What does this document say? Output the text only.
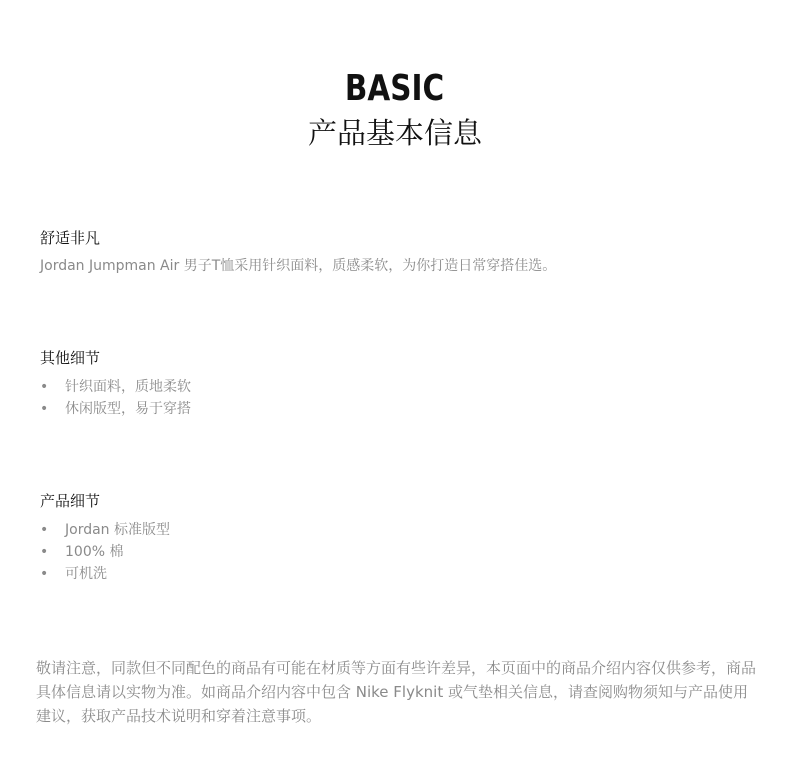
BASIC
产品基本信息
舒适非凡

Jordan Jumpman Air 男子T恤采用针织面料，质感柔软，为你打造日常穿搭佳选。

其他细节
• 针织面料，质地柔软
• 休闲版型，易于穿搭
产品细节
• Jordan 标准版型
• 100% 棉
• 可机洗

敬请注意，同款但不同配色的商品有可能在材质等方面有些许差异，本页面中的商品介绍内容仅供参考，商品具体信息请以实物为准。如商品介绍内容中包含 Nike Flyknit 或气垫相关信息，请查阅购物须知与产品使用建议，获取产品技术说明和穿着注意事项。
